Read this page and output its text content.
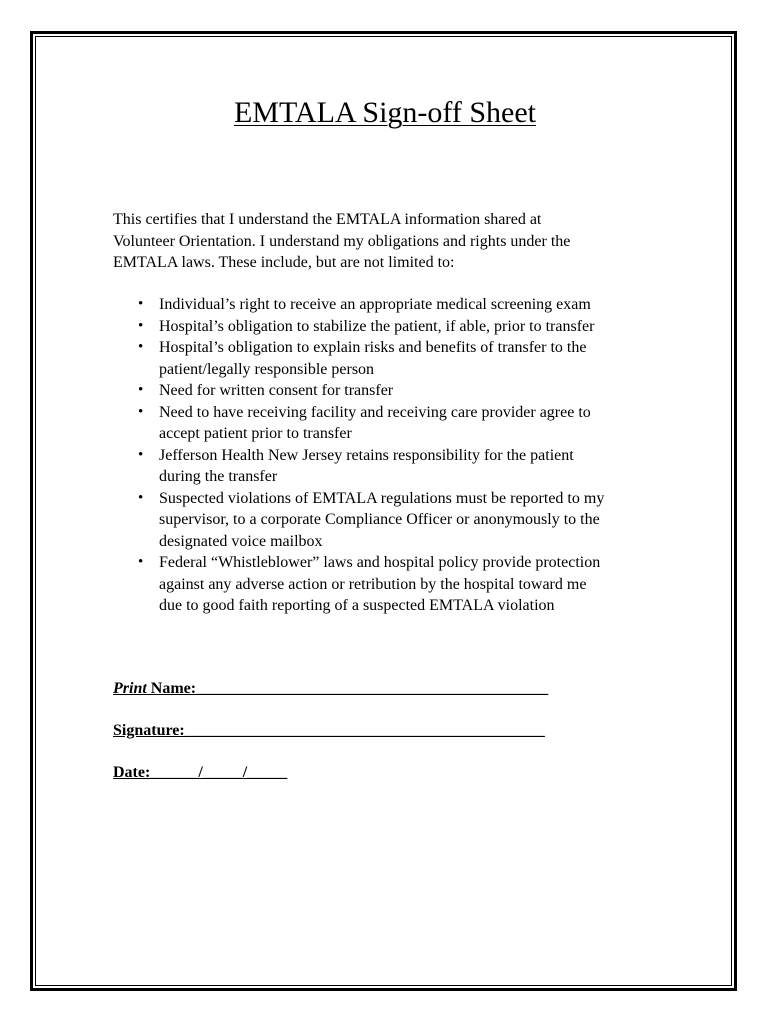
EMTALA Sign-off Sheet
This certifies that I understand the EMTALA information shared at
Volunteer Orientation. I understand my obligations and rights under the
EMTALA laws. These include, but are not limited to:
• Individual’s right to receive an appropriate medical screening exam
• Hospital’s obligation to stabilize the patient, if able, prior to transfer
• Hospital’s obligation to explain risks and benefits of transfer to the
patient/legally responsible person
• Need for written consent for transfer
• Need to have receiving facility and receiving care provider agree to
accept patient prior to transfer
• Jefferson Health New Jersey retains responsibility for the patient
during the transfer
• Suspected violations of EMTALA regulations must be reported to my
supervisor, to a corporate Compliance Officer or anonymously to the
designated voice mailbox
• Federal “Whistleblower” laws and hospital policy provide protection
against any adverse action or retribution by the hospital toward me
due to good faith reporting of a suspected EMTALA violation
Print Name:____________________________________________
Signature:_____________________________________________
Date:______/_____/_____
